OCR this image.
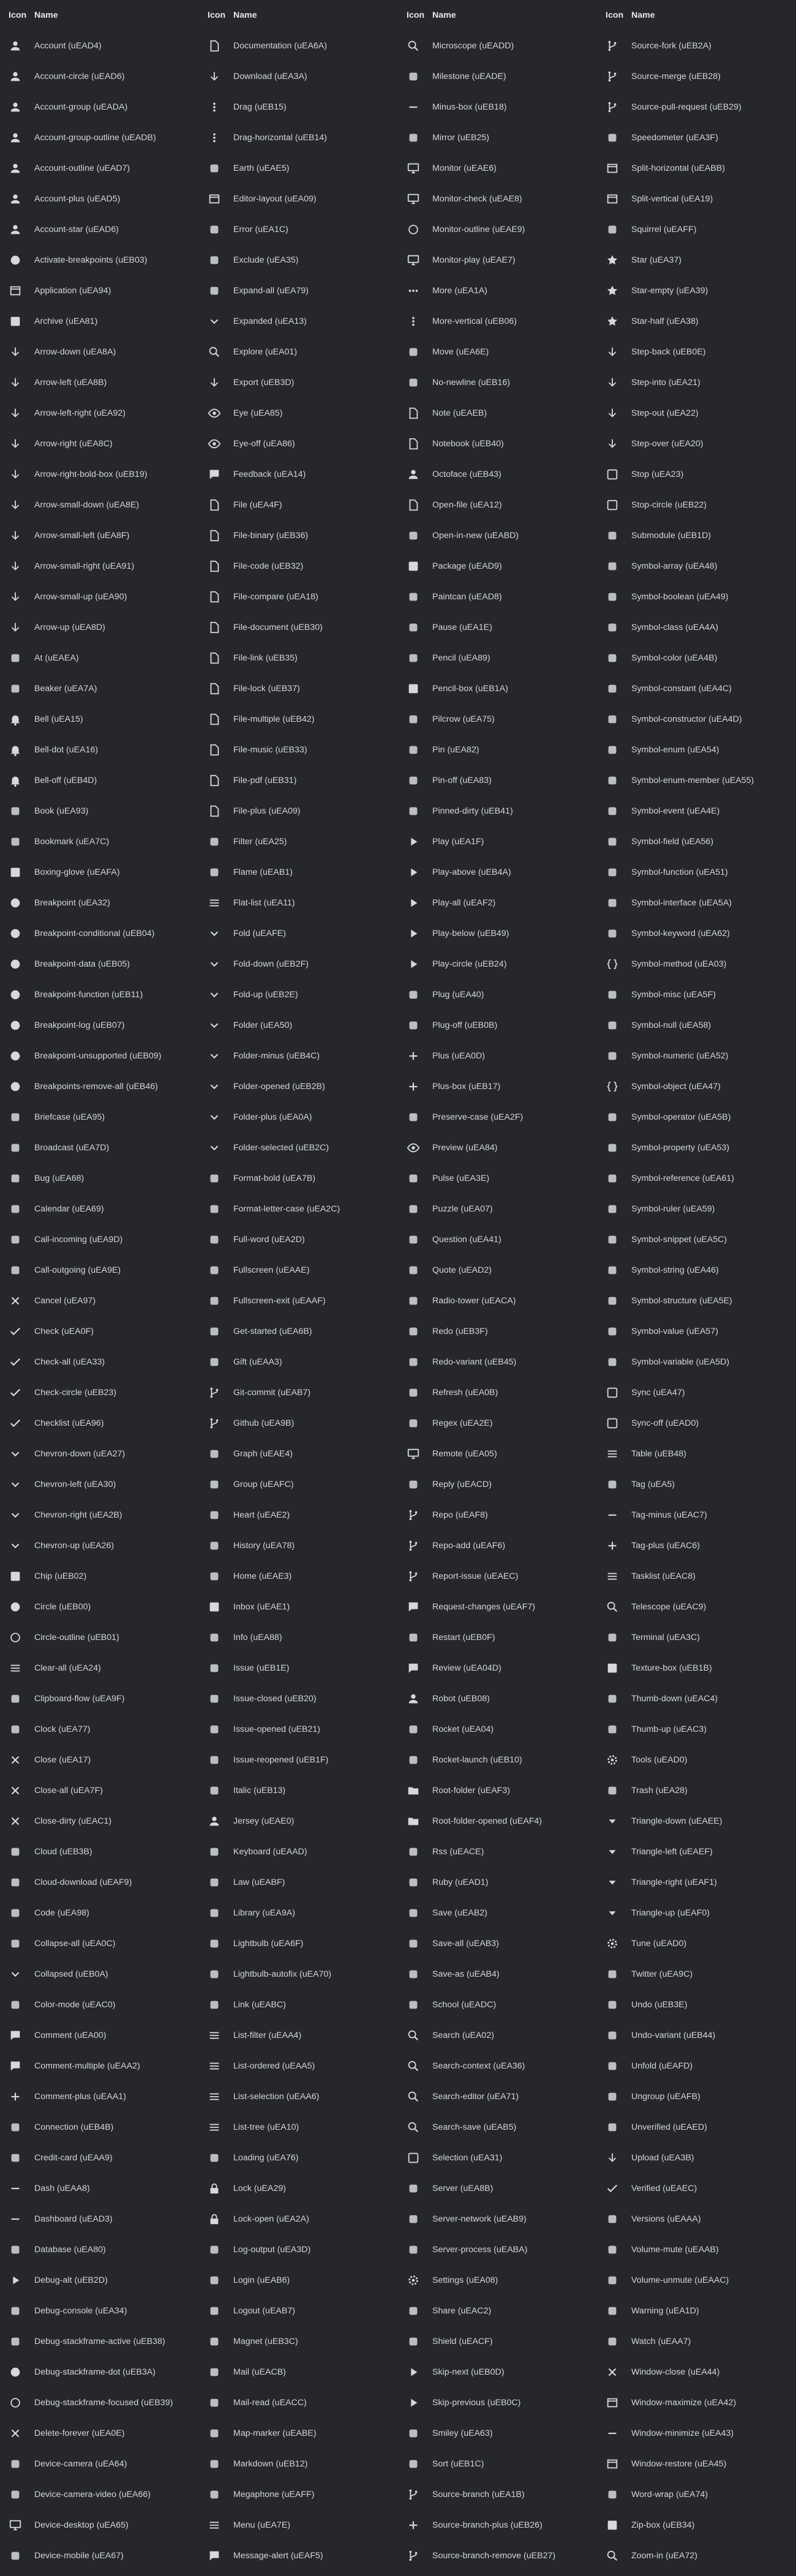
Icon Name
Account (uEAD4)
Account-circle (uEAD6)
Account-group (uEADA)
Account-group-outline (uEADB)
Account-outline (uEAD7)
Account-plus (uEAD5)
Account-star (uEAD6)
Activate-breakpoints (uEB03)
Application (uEA94)
Archive (uEA81)
Arrow-down (uEA8A)
Arrow-left (uEA8B)
Arrow-left-right (uEA92)
Arrow-right (uEA8C)
Arrow-right-bold-box (uEB19)
Arrow-small-down (uEA8E)
Arrow-small-left (uEA8F)
Arrow-small-right (uEA91)
Arrow-small-up (uEA90)
Arrow-up (uEA8D)
At (uEAEA)
Beaker (uEA7A)
Bell (uEA15)
Bell-dot (uEA16)
Bell-off (uEB4D)
Book (uEA93)
Bookmark (uEA7C)
Boxing-glove (uEAFA)
Breakpoint (uEA32)
Breakpoint-conditional (uEB04)
Breakpoint-data (uEB05)
Breakpoint-function (uEB11)
Breakpoint-log (uEB07)
Breakpoint-unsupported (uEB09)
Breakpoints-remove-all (uEB46)
Briefcase (uEA95)
Broadcast (uEA7D)
Bug (uEA68)
Calendar (uEA69)
Call-incoming (uEA9D)
Call-outgoing (uEA9E)
Cancel (uEA97)
Check (uEA0F)
Check-all (uEA33)
Check-circle (uEB23)
Checklist (uEA96)
Chevron-down (uEA27)
Chevron-left (uEA30)
Chevron-right (uEA2B)
Chevron-up (uEA26)
Chip (uEB02)
Circle (uEB00)
Circle-outline (uEB01)
Clear-all (uEA24)
Clipboard-flow (uEA9F)
Clock (uEA77)
Close (uEA17)
Close-all (uEA7F)
Close-dirty (uEAC1)
Cloud (uEB3B)
Cloud-download (uEAF9)
Code (uEA98)
Collapse-all (uEA0C)
Collapsed (uEB0A)
Color-mode (uEAC0)
Comment (uEA00)
Comment-multiple (uEAA2)
Comment-plus (uEAA1)
Connection (uEB4B)
Credit-card (uEAA9)
Dash (uEAA8)
Dashboard (uEAD3)
Database (uEA80)
Debug-alt (uEB2D)
Debug-console (uEA34)
Debug-stackframe-active (uEB38)
Debug-stackframe-dot (uEB3A)
Debug-stackframe-focused (uEB39)
Delete-forever (uEA0E)
Device-camera (uEA64)
Device-camera-video (uEA66)
Device-desktop (uEA65)
Device-mobile (uEA67)
Icon Name
Documentation (uEA6A)
Download (uEA3A)
Drag (uEB15)
Drag-horizontal (uEB14)
Earth (uEAE5)
Editor-layout (uEA09)
Error (uEA1C)
Exclude (uEA35)
Expand-all (uEA79)
Expanded (uEA13)
Explore (uEA01)
Export (uEB3D)
Eye (uEA85)
Eye-off (uEA86)
Feedback (uEA14)
File (uEA4F)
File-binary (uEB36)
File-code (uEB32)
File-compare (uEA18)
File-document (uEB30)
File-link (uEB35)
File-lock (uEB37)
File-multiple (uEB42)
File-music (uEB33)
File-pdf (uEB31)
File-plus (uEA09)
Filter (uEA25)
Flame (uEAB1)
Flat-list (uEA11)
Fold (uEAFE)
Fold-down (uEB2F)
Fold-up (uEB2E)
Folder (uEA50)
Folder-minus (uEB4C)
Folder-opened (uEB2B)
Folder-plus (uEA0A)
Folder-selected (uEB2C)
Format-bold (uEA7B)
Format-letter-case (uEA2C)
Full-word (uEA2D)
Fullscreen (uEAAE)
Fullscreen-exit (uEAAF)
Get-started (uEA6B)
Gift (uEAA3)
Git-commit (uEAB7)
Github (uEA9B)
Graph (uEAE4)
Group (uEAFC)
Heart (uEAE2)
History (uEA78)
Home (uEAE3)
Inbox (uEAE1)
Info (uEA88)
Issue (uEB1E)
Issue-closed (uEB20)
Issue-opened (uEB21)
Issue-reopened (uEB1F)
Italic (uEB13)
Jersey (uEAE0)
Keyboard (uEAAD)
Law (uEABF)
Library (uEA9A)
Lightbulb (uEA6F)
Lightbulb-autofix (uEA70)
Link (uEABC)
List-filter (uEAA4)
List-ordered (uEAA5)
List-selection (uEAA6)
List-tree (uEA10)
Loading (uEA76)
Lock (uEA29)
Lock-open (uEA2A)
Log-output (uEA3D)
Login (uEAB6)
Logout (uEAB7)
Magnet (uEB3C)
Mail (uEACB)
Mail-read (uEACC)
Map-marker (uEABE)
Markdown (uEB12)
Megaphone (uEAFF)
Menu (uEA7E)
Message-alert (uEAF5)
Icon Name
Microscope (uEADD)
Milestone (uEADE)
Minus-box (uEB18)
Mirror (uEB25)
Monitor (uEAE6)
Monitor-check (uEAE8)
Monitor-outline (uEAE9)
Monitor-play (uEAE7)
More (uEA1A)
More-vertical (uEB06)
Move (uEA6E)
No-newline (uEB16)
Note (uEAEB)
Notebook (uEB40)
Octoface (uEB43)
Open-file (uEA12)
Open-in-new (uEABD)
Package (uEAD9)
Paintcan (uEAD8)
Pause (uEA1E)
Pencil (uEA89)
Pencil-box (uEB1A)
Pilcrow (uEA75)
Pin (uEA82)
Pin-off (uEA83)
Pinned-dirty (uEB41)
Play (uEA1F)
Play-above (uEB4A)
Play-all (uEAF2)
Play-below (uEB49)
Play-circle (uEB24)
Plug (uEA40)
Plug-off (uEB0B)
Plus (uEA0D)
Plus-box (uEB17)
Preserve-case (uEA2F)
Preview (uEA84)
Pulse (uEA3E)
Puzzle (uEA07)
Question (uEA41)
Quote (uEAD2)
Radio-tower (uEACA)
Redo (uEB3F)
Redo-variant (uEB45)
Refresh (uEA0B)
Regex (uEA2E)
Remote (uEA05)
Reply (uEACD)
Repo (uEAF8)
Repo-add (uEAF6)
Report-issue (uEAEC)
Request-changes (uEAF7)
Restart (uEB0F)
Review (uEA04D)
Robot (uEB08)
Rocket (uEA04)
Rocket-launch (uEB10)
Root-folder (uEAF3)
Root-folder-opened (uEAF4)
Rss (uEACE)
Ruby (uEAD1)
Save (uEAB2)
Save-all (uEAB3)
Save-as (uEAB4)
School (uEADC)
Search (uEA02)
Search-context (uEA36)
Search-editor (uEA71)
Search-save (uEAB5)
Selection (uEA31)
Server (uEA8B)
Server-network (uEAB9)
Server-process (uEABA)
Settings (uEA08)
Share (uEAC2)
Shield (uEACF)
Skip-next (uEB0D)
Skip-previous (uEB0C)
Smiley (uEA63)
Sort (uEB1C)
Source-branch (uEA1B)
Source-branch-plus (uEB26)
Source-branch-remove (uEB27)
Icon Name
Source-fork (uEB2A)
Source-merge (uEB28)
Source-pull-request (uEB29)
Speedometer (uEA3F)
Split-horizontal (uEABB)
Split-vertical (uEA19)
Squirrel (uEAFF)
Star (uEA37)
Star-empty (uEA39)
Star-half (uEA38)
Step-back (uEB0E)
Step-into (uEA21)
Step-out (uEA22)
Step-over (uEA20)
Stop (uEA23)
Stop-circle (uEB22)
Submodule (uEB1D)
Symbol-array (uEA48)
Symbol-boolean (uEA49)
Symbol-class (uEA4A)
Symbol-color (uEA4B)
Symbol-constant (uEA4C)
Symbol-constructor (uEA4D)
Symbol-enum (uEA54)
Symbol-enum-member (uEA55)
Symbol-event (uEA4E)
Symbol-field (uEA56)
Symbol-function (uEA51)
Symbol-interface (uEA5A)
Symbol-keyword (uEA62)
Symbol-method (uEA03)
Symbol-misc (uEA5F)
Symbol-null (uEA58)
Symbol-numeric (uEA52)
Symbol-object (uEA47)
Symbol-operator (uEA5B)
Symbol-property (uEA53)
Symbol-reference (uEA61)
Symbol-ruler (uEA59)
Symbol-snippet (uEA5C)
Symbol-string (uEA46)
Symbol-structure (uEA5E)
Symbol-value (uEA57)
Symbol-variable (uEA5D)
Sync (uEA47)
Sync-off (uEAD0)
Table (uEB48)
Tag (uEA5)
Tag-minus (uEAC7)
Tag-plus (uEAC6)
Tasklist (uEAC8)
Telescope (uEAC9)
Terminal (uEA3C)
Texture-box (uEB1B)
Thumb-down (uEAC4)
Thumb-up (uEAC3)
Tools (uEAD0)
Trash (uEA28)
Triangle-down (uEAEE)
Triangle-left (uEAEF)
Triangle-right (uEAF1)
Triangle-up (uEAF0)
Tune (uEAD0)
Twitter (uEA9C)
Undo (uEB3E)
Undo-variant (uEB44)
Unfold (uEAFD)
Ungroup (uEAFB)
Unverified (uEAED)
Upload (uEA3B)
Verified (uEAEC)
Versions (uEAAA)
Volume-mute (uEAAB)
Volume-unmute (uEAAC)
Warning (uEA1D)
Watch (uEAA7)
Window-close (uEA44)
Window-maximize (uEA42)
Window-minimize (uEA43)
Window-restore (uEA45)
Word-wrap (uEA74)
Zip-box (uEB34)
Zoom-in (uEA72)
